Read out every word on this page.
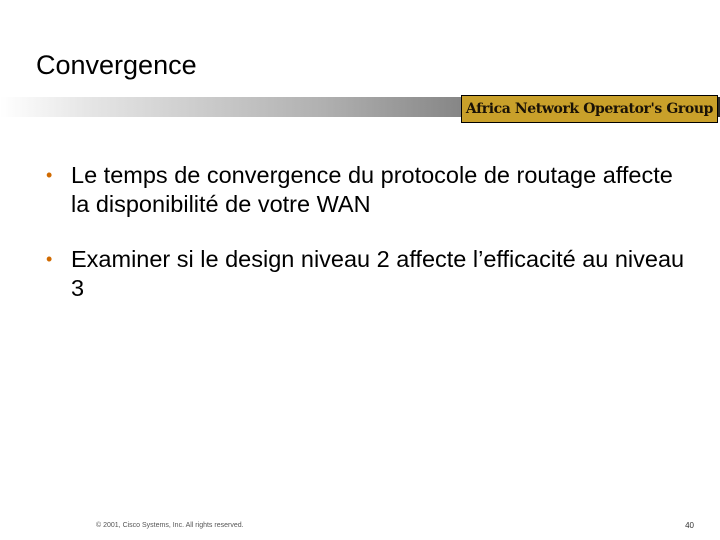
Convergence
Africa Network Operator's Group
• Le temps de convergence du protocole de routage affecte la disponibilité de votre WAN
• Examiner si le design niveau 2 affecte l’efficacité au niveau 3
© 2001, Cisco Systems, Inc. All rights reserved.	40
